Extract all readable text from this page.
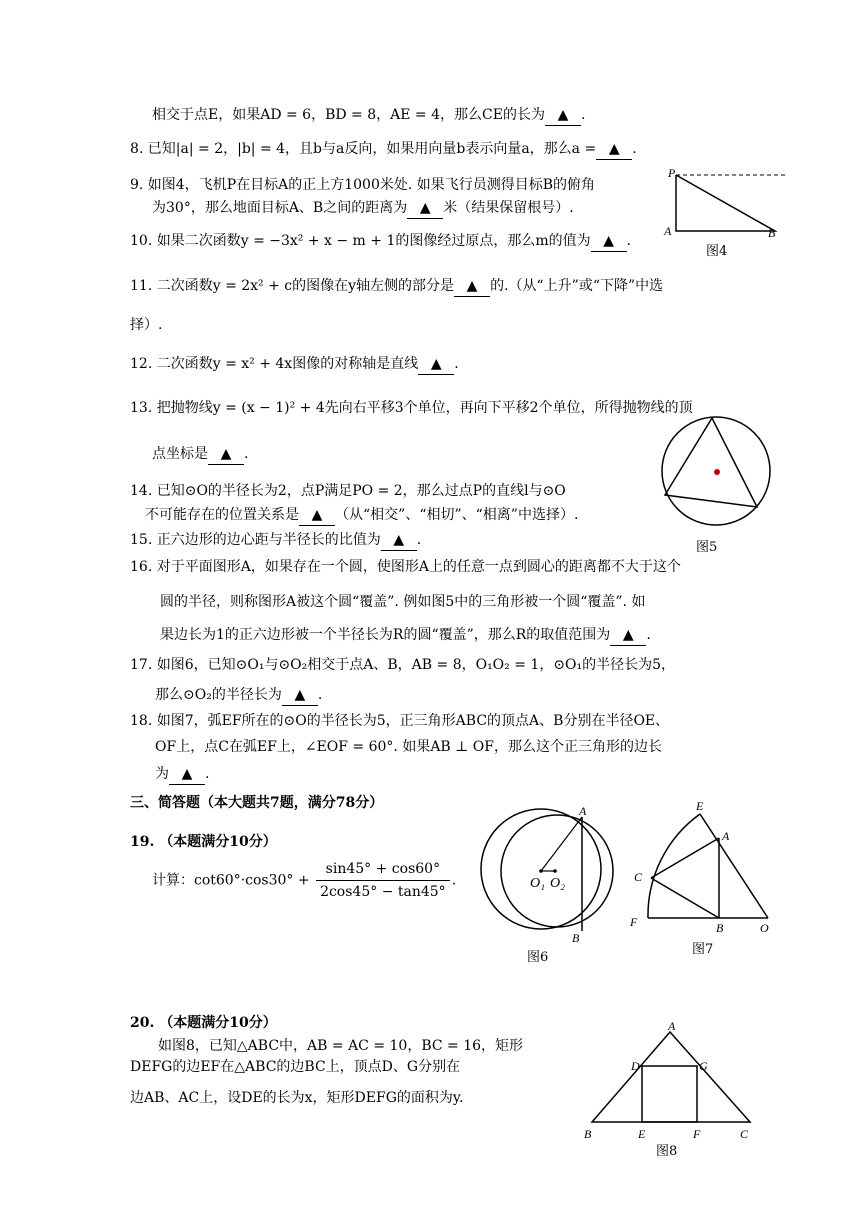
相交于点E，如果AD = 6，BD = 8，AE = 4，那么CE的长为 ▲ .
8. 已知|a| = 2，|b| = 4，且b与a反向，如果用向量b表示向量a，那么a = ▲ .
9. 如图4，飞机P在目标A的正上方1000米处. 如果飞行员测得目标B的俯角
为30°，那么地面目标A、B之间的距离为 ▲ 米（结果保留根号）.
10. 如果二次函数y = −3x² + x − m + 1的图像经过原点，那么m的值为 ▲ .
11. 二次函数y = 2x² + c的图像在y轴左侧的部分是 ▲ 的.（从“上升”或“下降”中选
择）.
12. 二次函数y = x² + 4x图像的对称轴是直线 ▲ .
13. 把抛物线y = (x − 1)² + 4先向右平移3个单位，再向下平移2个单位，所得抛物线的顶
点坐标是 ▲ .
14. 已知⊙O的半径长为2，点P满足PO = 2，那么过点P的直线l与⊙O
不可能存在的位置关系是 ▲ （从“相交”、“相切”、“相离”中选择）.
15. 正六边形的边心距与半径长的比值为 ▲ .
16. 对于平面图形A，如果存在一个圆，使图形A上的任意一点到圆心的距离都不大于这个
圆的半径，则称图形A被这个圆“覆盖”. 例如图5中的三角形被一个圆“覆盖”. 如
果边长为1的正六边形被一个半径长为R的圆“覆盖”，那么R的取值范围为 ▲ .
17. 如图6，已知⊙O₁与⊙O₂相交于点A、B，AB = 8，O₁O₂ = 1，⊙O₁的半径长为5，
那么⊙O₂的半径长为 ▲ .
18. 如图7，弧EF所在的⊙O的半径长为5，正三角形ABC的顶点A、B分别在半径OE、
OF上，点C在弧EF上，∠EOF = 60°. 如果AB ⊥ OF，那么这个正三角形的边长
为 ▲ .
三、简答题（本大题共7题，满分78分）
19. （本题满分10分）
计算：$\cot 60^\circ\cdot\cos 30^\circ + \frac{\sin 45^\circ + \cos 60^\circ}{2\cos 45^\circ - \tan 45^\circ}$ .
20. （本题满分10分）
如图8，已知△ABC中，AB = AC = 10，BC = 16，矩形
DEFG的边EF在△ABC的边BC上，顶点D、G分别在
边AB、AC上，设DE的长为x，矩形DEFG的面积为y.
P
A	B
图4
图5
A
B
O₁ O₂
图6
E
A
C
F	B	O
图7
A
D	G
B	E	F	C
图8
